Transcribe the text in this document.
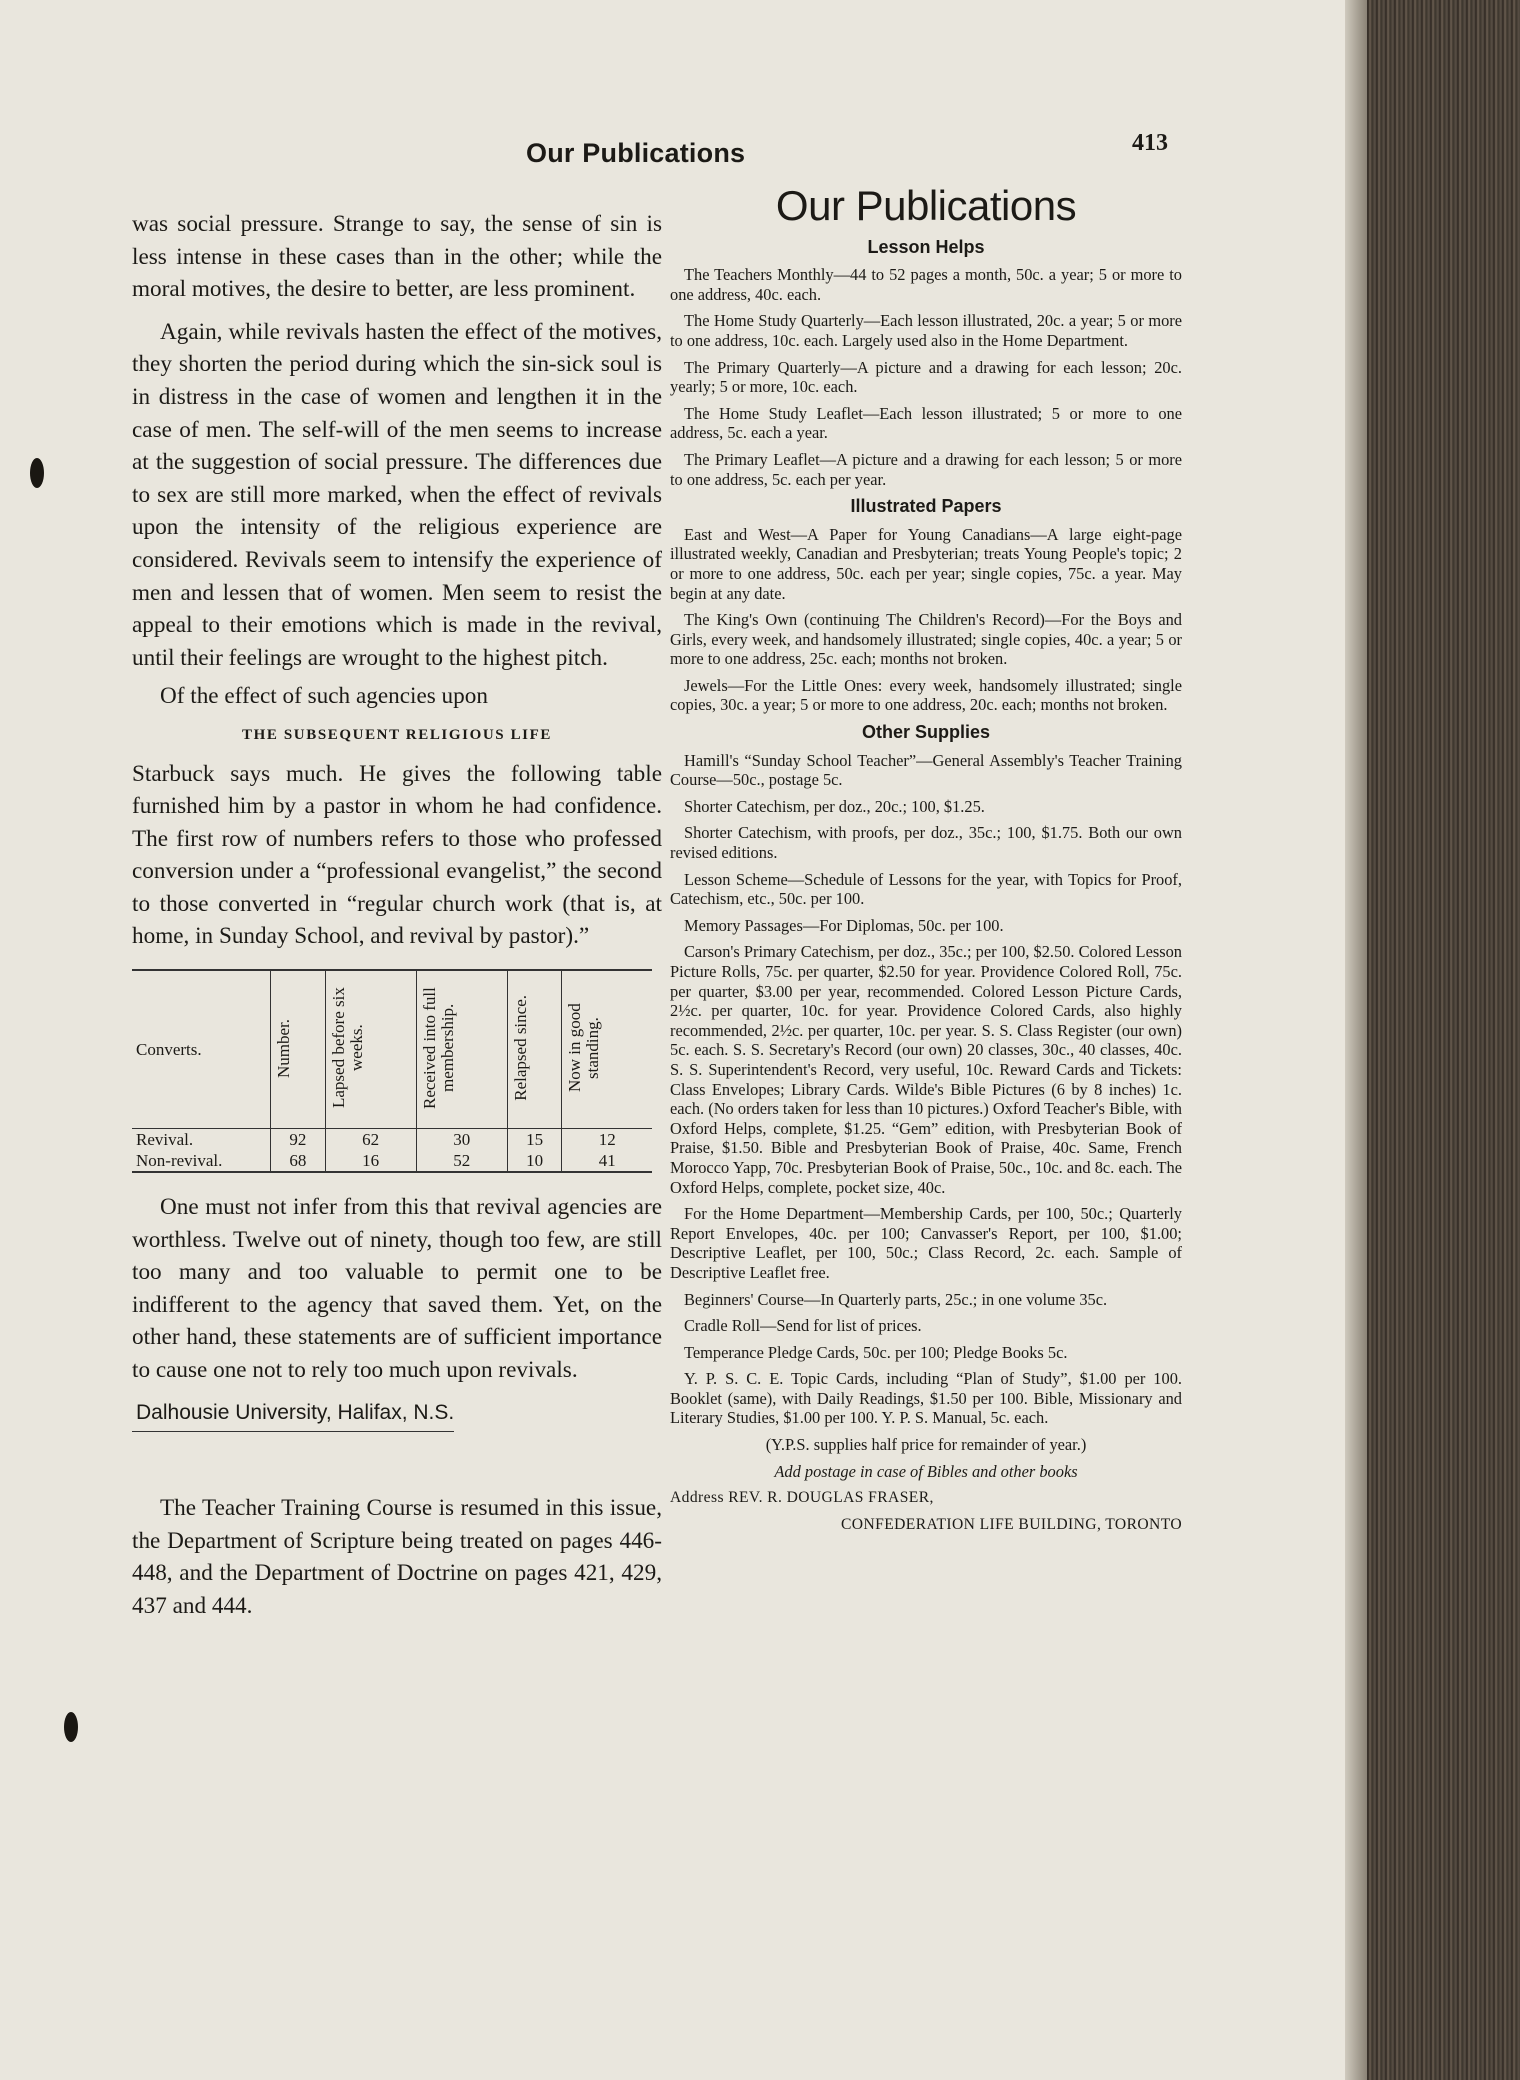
Our Publications	413

was social pressure. Strange to say, the sense of sin is less intense in these cases than in the other; while the moral motives, the desire to better, are less prominent.

Again, while revivals hasten the effect of the motives, they shorten the period during which the sin-sick soul is in distress in the case of women and lengthen it in the case of men. The self-will of the men seems to increase at the suggestion of social pressure. The differences due to sex are still more marked, when the effect of revivals upon the intensity of the religious experience are considered. Revivals seem to intensify the experience of men and lessen that of women. Men seem to resist the appeal to their emotions which is made in the revival, until their feelings are wrought to the highest pitch.

Of the effect of such agencies upon

THE SUBSEQUENT RELIGIOUS LIFE

Starbuck says much. He gives the following table furnished him by a pastor in whom he had confidence. The first row of numbers refers to those who professed conversion under a “professional evangelist,” the second to those converted in “regular church work (that is, at home, in Sunday School, and revival by pastor).”

Converts.	Number.	Lapsed before six weeks.	Received into full membership.	Relapsed since.	Now in good standing.
Revival.	92	62	30	15	12
Non-revival.	68	16	52	10	41

One must not infer from this that revival agencies are worthless. Twelve out of ninety, though too few, are still too many and too valuable to permit one to be indifferent to the agency that saved them. Yet, on the other hand, these statements are of sufficient importance to cause one not to rely too much upon revivals.

Dalhousie University, Halifax, N.S.

The Teacher Training Course is resumed in this issue, the Department of Scripture being treated on pages 446-448, and the Department of Doctrine on pages 421, 429, 437 and 444.

Our Publications
Lesson Helps

The Teachers Monthly—44 to 52 pages a month, 50c. a year; 5 or more to one address, 40c. each.

The Home Study Quarterly—Each lesson illustrated, 20c. a year; 5 or more to one address, 10c. each. Largely used also in the Home Department.

The Primary Quarterly—A picture and a drawing for each lesson; 20c. yearly; 5 or more, 10c. each.

The Home Study Leaflet—Each lesson illustrated; 5 or more to one address, 5c. each a year.

The Primary Leaflet—A picture and a drawing for each lesson; 5 or more to one address, 5c. each per year.

Illustrated Papers

East and West—A Paper for Young Canadians—A large eight-page illustrated weekly, Canadian and Presbyterian; treats Young People's topic; 2 or more to one address, 50c. each per year; single copies, 75c. a year. May begin at any date.

The King's Own (continuing The Children's Record)—For the Boys and Girls, every week, and handsomely illustrated; single copies, 40c. a year; 5 or more to one address, 25c. each; months not broken.

Jewels—For the Little Ones: every week, handsomely illustrated; single copies, 30c. a year; 5 or more to one address, 20c. each; months not broken.

Other Supplies

Hamill's “Sunday School Teacher”—General Assembly's Teacher Training Course—50c., postage 5c.

Shorter Catechism, per doz., 20c.; 100, $1.25.

Shorter Catechism, with proofs, per doz., 35c.; 100, $1.75. Both our own revised editions.

Lesson Scheme—Schedule of Lessons for the year, with Topics for Proof, Catechism, etc., 50c. per 100.

Memory Passages—For Diplomas, 50c. per 100.

Carson's Primary Catechism, per doz., 35c.; per 100, $2.50. Colored Lesson Picture Rolls, 75c. per quarter, $2.50 for year. Providence Colored Roll, 75c. per quarter, $3.00 per year, recommended. Colored Lesson Picture Cards, 2½c. per quarter, 10c. for year. Providence Colored Cards, also highly recommended, 2½c. per quarter, 10c. per year. S. S. Class Register (our own) 5c. each. S. S. Secretary's Record (our own) 20 classes, 30c., 40 classes, 40c. S. S. Superintendent's Record, very useful, 10c. Reward Cards and Tickets: Class Envelopes; Library Cards. Wilde's Bible Pictures (6 by 8 inches) 1c. each. (No orders taken for less than 10 pictures.) Oxford Teacher's Bible, with Oxford Helps, complete, $1.25. “Gem” edition, with Presbyterian Book of Praise, $1.50. Bible and Presbyterian Book of Praise, 40c. Same, French Morocco Yapp, 70c. Presbyterian Book of Praise, 50c., 10c. and 8c. each. The Oxford Helps, complete, pocket size, 40c.

For the Home Department—Membership Cards, per 100, 50c.; Quarterly Report Envelopes, 40c. per 100; Canvasser's Report, per 100, $1.00; Descriptive Leaflet, per 100, 50c.; Class Record, 2c. each. Sample of Descriptive Leaflet free.

Beginners' Course—In Quarterly parts, 25c.; in one volume 35c.

Cradle Roll—Send for list of prices.

Temperance Pledge Cards, 50c. per 100; Pledge Books 5c.

Y. P. S. C. E. Topic Cards, including “Plan of Study”, $1.00 per 100. Booklet (same), with Daily Readings, $1.50 per 100. Bible, Missionary and Literary Studies, $1.00 per 100. Y. P. S. Manual, 5c. each.

(Y.P.S. supplies half price for remainder of year.)

Add postage in case of Bibles and other books

Address REV. R. DOUGLAS FRASER,

CONFEDERATION LIFE BUILDING, TORONTO
